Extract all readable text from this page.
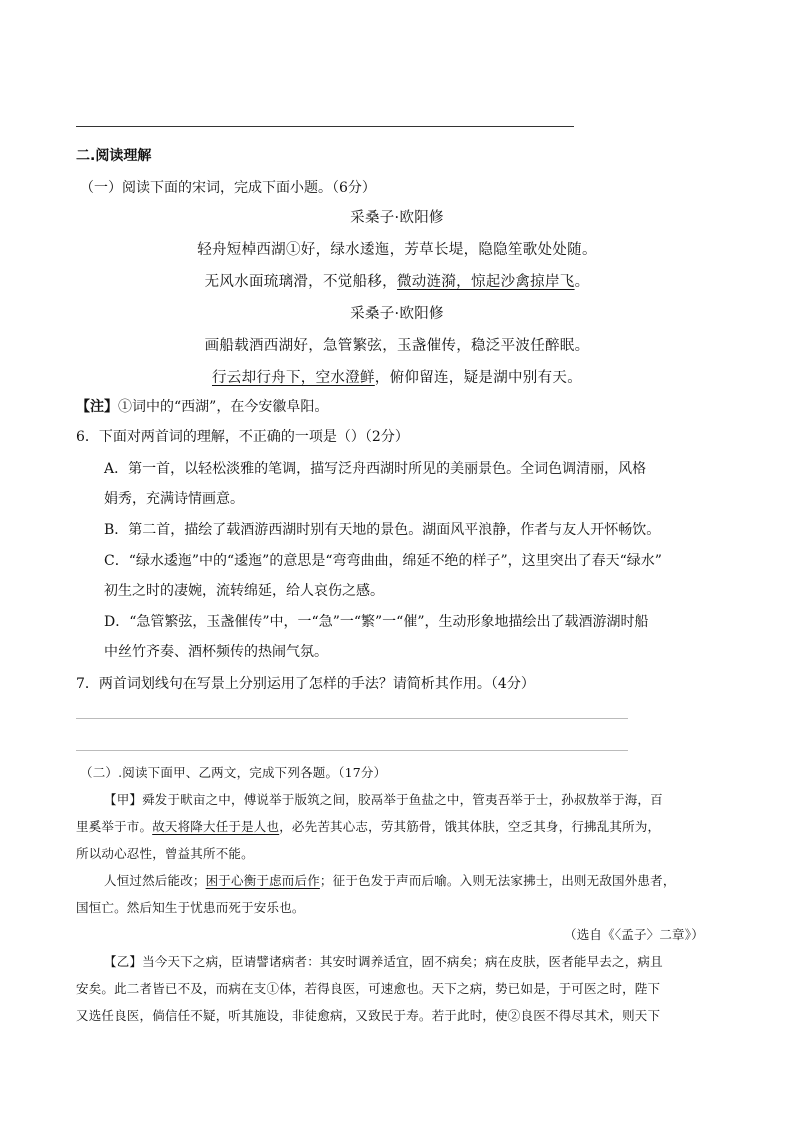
二.阅读理解
（一）阅读下面的宋词，完成下面小题。（6分）
采桑子·欧阳修
轻舟短棹西湖①好，绿水逶迤，芳草长堤，隐隐笙歌处处随。
无风水面琉璃滑，不觉船移，微动涟漪，惊起沙禽掠岸飞。
采桑子·欧阳修
画船载酒西湖好，急管繁弦，玉盏催传，稳泛平波任醉眠。
行云却行舟下，空水澄鲜，俯仰留连，疑是湖中别有天。
【注】①词中的“西湖”，在今安徽阜阳。
6．下面对两首词的理解，不正确的一项是（）（2分）
A．第一首，以轻松淡雅的笔调，描写泛舟西湖时所见的美丽景色。全词色调清丽，风格
娟秀，充满诗情画意。
B．第二首，描绘了载酒游西湖时别有天地的景色。湖面风平浪静，作者与友人开怀畅饮。
C．“绿水逶迤”中的“逶迤”的意思是“弯弯曲曲，绵延不绝的样子”，这里突出了春天“绿水”
初生之时的凄婉，流转绵延，给人哀伤之感。
D．“急管繁弦，玉盏催传”中，一“急”一“繁”一“催”，生动形象地描绘出了载酒游湖时船
中丝竹齐奏、酒杯频传的热闹气氛。
7．两首词划线句在写景上分别运用了怎样的手法？请简析其作用。（4分）
（二）.阅读下面甲、乙两文，完成下列各题。（17分）
【甲】舜发于畎亩之中，傅说举于版筑之间，胶鬲举于鱼盐之中，管夷吾举于士，孙叔敖举于海，百
里奚举于市。故天将降大任于是人也，必先苦其心志，劳其筋骨，饿其体肤，空乏其身，行拂乱其所为，
所以动心忍性，曾益其所不能。
人恒过然后能改；困于心衡于虑而后作；征于色发于声而后喻。入则无法家拂士，出则无敌国外患者，
国恒亡。然后知生于忧患而死于安乐也。
（选自《〈孟子〉二章》）
【乙】当今天下之病，臣请譬诸病者：其安时调养适宜，固不病矣；病在皮肤，医者能早去之，病且
安矣。此二者皆已不及，而病在支①体，若得良医，可速愈也。天下之病，势已如是，于可医之时，陛下
又选任良医，倘信任不疑，听其施设，非徒愈病，又致民于寿。若于此时，使②良医不得尽其术，则天下
